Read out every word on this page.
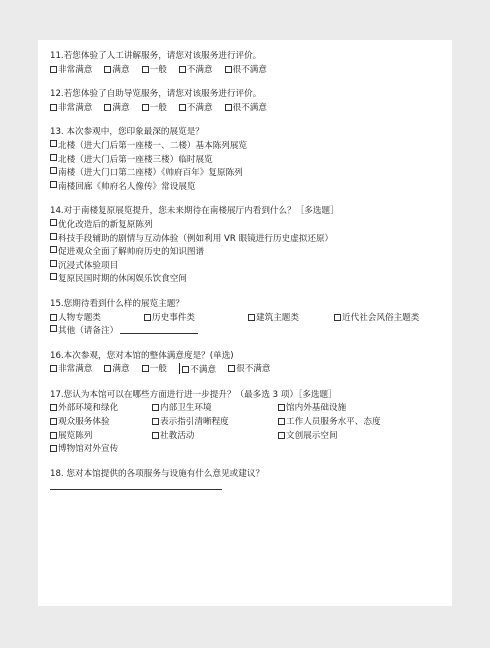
11.若您体验了人工讲解服务，请您对该服务进行评价。
非常满意	满意	一般	不满意	很不满意
12.若您体验了自助导览服务，请您对该服务进行评价。
非常满意	满意	一般	不满意	很不满意
13. 本次参观中，您印象最深的展览是？
北楼（进大门后第一座楼一、二楼）基本陈列展览
北楼（进大门后第一座楼三楼）临时展览
南楼（进大门口第二座楼）《帅府百年》复原陈列
南楼回廊《帅府名人像传》常设展览
14.对于南楼复原展览提升，您未来期待在南楼展厅内看到什么？［多选题］
优化改造后的新复原陈列
科技手段辅助的剧情与互动体验（例如利用 VR 眼镜进行历史虚拟还原）
促进观众全面了解帅府历史的知识图谱
沉浸式体验项目
复原民国时期的休闲娱乐饮食空间
15.您期待看到什么样的展览主题？
人物专题类	历史事件类	建筑主题类	近代社会风俗主题类
其他（请备注）
16.本次参观，您对本馆的整体满意度是？(单选)
非常满意	满意	一般	不满意	很不满意
17.您认为本馆可以在哪些方面进行进一步提升？（最多选 3 项）［多选题］
外部环境和绿化	内部卫生环境	馆内外基础设施
观众服务体验	表示指引清晰程度	工作人员服务水平、态度
展览陈列	社教活动	文创展示空间
博物馆对外宣传
18. 您对本馆提供的各项服务与设施有什么意见或建议？
